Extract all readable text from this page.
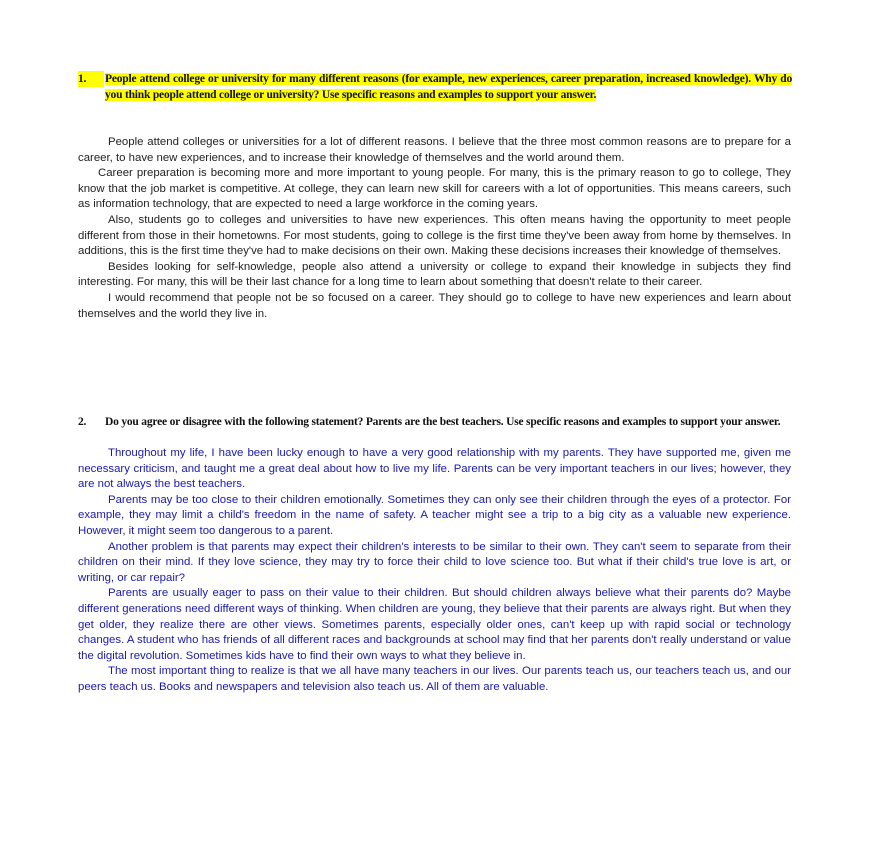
1.	People attend college or university for many different reasons (for example, new experiences, career preparation, increased knowledge). Why do you think people attend college or university? Use specific reasons and examples to support your answer.

People attend colleges or universities for a lot of different reasons. I believe that the three most common reasons are to prepare for a career, to have new experiences, and to increase their knowledge of themselves and the world around them.

Career preparation is becoming more and more important to young people. For many, this is the primary reason to go to college, They know that the job market is competitive. At college, they can learn new skill for careers with a lot of opportunities. This means careers, such as information technology, that are expected to need a large workforce in the coming years.

Also, students go to colleges and universities to have new experiences. This often means having the opportunity to meet people different from those in their hometowns. For most students, going to college is the first time they've been away from home by themselves. In additions, this is the first time they've had to make decisions on their own. Making these decisions increases their knowledge of themselves.

Besides looking for self-knowledge, people also attend a university or college to expand their knowledge in subjects they find interesting. For many, this will be their last chance for a long time to learn about something that doesn't relate to their career.

I would recommend that people not be so focused on a career. They should go to college to have new experiences and learn about themselves and the world they live in.

2.	Do you agree or disagree with the following statement? Parents are the best teachers. Use specific reasons and examples to support your answer.

Throughout my life, I have been lucky enough to have a very good relationship with my parents. They have supported me, given me necessary criticism, and taught me a great deal about how to live my life. Parents can be very important teachers in our lives; however, they are not always the best teachers.

Parents may be too close to their children emotionally. Sometimes they can only see their children through the eyes of a protector. For example, they may limit a child's freedom in the name of safety. A teacher might see a trip to a big city as a valuable new experience. However, it might seem too dangerous to a parent.

Another problem is that parents may expect their children's interests to be similar to their own. They can't seem to separate from their children on their mind. If they love science, they may try to force their child to love science too. But what if their child's true love is art, or writing, or car repair?

Parents are usually eager to pass on their value to their children. But should children always believe what their parents do? Maybe different generations need different ways of thinking. When children are young, they believe that their parents are always right. But when they get older, they realize there are other views. Sometimes parents, especially older ones, can't keep up with rapid social or technology changes. A student who has friends of all different races and backgrounds at school may find that her parents don't really understand or value the digital revolution. Sometimes kids have to find their own ways to what they believe in.

The most important thing to realize is that we all have many teachers in our lives. Our parents teach us, our teachers teach us, and our peers teach us. Books and newspapers and television also teach us. All of them are valuable.
